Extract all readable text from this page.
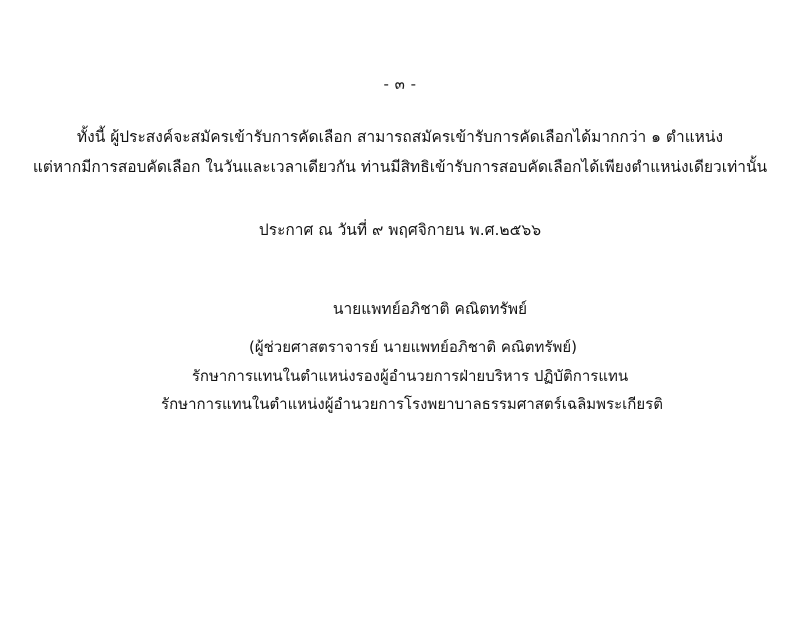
- ๓ -
ทั้งนี้ ผู้ประสงค์จะสมัครเข้ารับการคัดเลือก สามารถสมัครเข้ารับการคัดเลือกได้มากกว่า ๑ ตำแหน่ง
แต่หากมีการสอบคัดเลือก ในวันและเวลาเดียวกัน ท่านมีสิทธิเข้ารับการสอบคัดเลือกได้เพียงตำแหน่งเดียวเท่านั้น
ประกาศ ณ วันที่ ๙ พฤศจิกายน พ.ศ.๒๕๖๖
นายแพทย์อภิชาติ คณิตทรัพย์
(ผู้ช่วยศาสตราจารย์ นายแพทย์อภิชาติ คณิตทรัพย์)
รักษาการแทนในตำแหน่งรองผู้อำนวยการฝ่ายบริหาร ปฏิบัติการแทน
รักษาการแทนในตำแหน่งผู้อำนวยการโรงพยาบาลธรรมศาสตร์เฉลิมพระเกียรติ
